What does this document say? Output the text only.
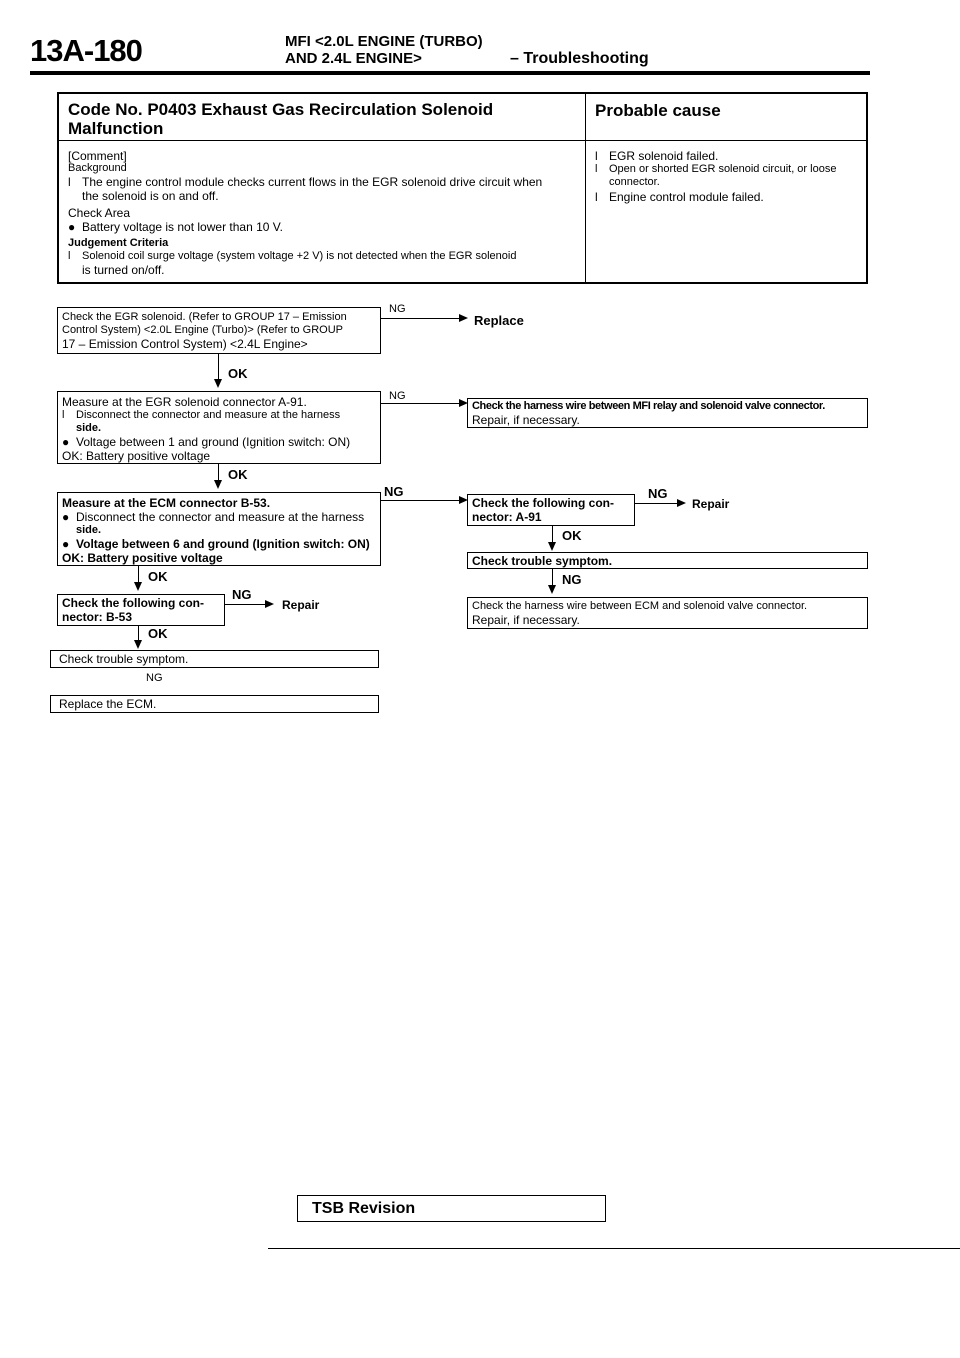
13A-180	MFI <2.0L ENGINE (TURBO)
AND 2.4L ENGINE>	– Troubleshooting
Code No. P0403 Exhaust Gas Recirculation Solenoid
Malfunction
Probable cause
[Comment]
Background
l The engine control module checks current flows in the EGR solenoid drive circuit when
the solenoid is on and off.
Check Area
● Battery voltage is not lower than 10 V.
Judgement Criteria
l Solenoid coil surge voltage (system voltage +2 V) is not detected when the EGR solenoid
is turned on/off.
l EGR solenoid failed.
l Open or shorted EGR solenoid circuit, or loose
connector.
l Engine control module failed.
Check the EGR solenoid. (Refer to GROUP 17 – Emission
Control System) <2.0L Engine (Turbo)> (Refer to GROUP
17 – Emission Control System) <2.4L Engine>
NG
Replace
OK
Measure at the EGR solenoid connector A-91.
l Disconnect the connector and measure at the harness
side.
● Voltage between 1 and ground (Ignition switch: ON)
OK: Battery positive voltage
NG
Check the harness wire between MFI relay and solenoid valve connector.
Repair, if necessary.
OK
Measure at the ECM connector B-53.
● Disconnect the connector and measure at the harness
side.
● Voltage between 6 and ground (Ignition switch: ON)
OK: Battery positive voltage
NG
Check the following con-
nector: A-91
NG
Repair
OK
Check trouble symptom.
NG
Check the harness wire between ECM and solenoid valve connector.
Repair, if necessary.
OK
Check the following con-
nector: B-53
NG
Repair
OK
Check trouble symptom.
NG
Replace the ECM.
TSB Revision
